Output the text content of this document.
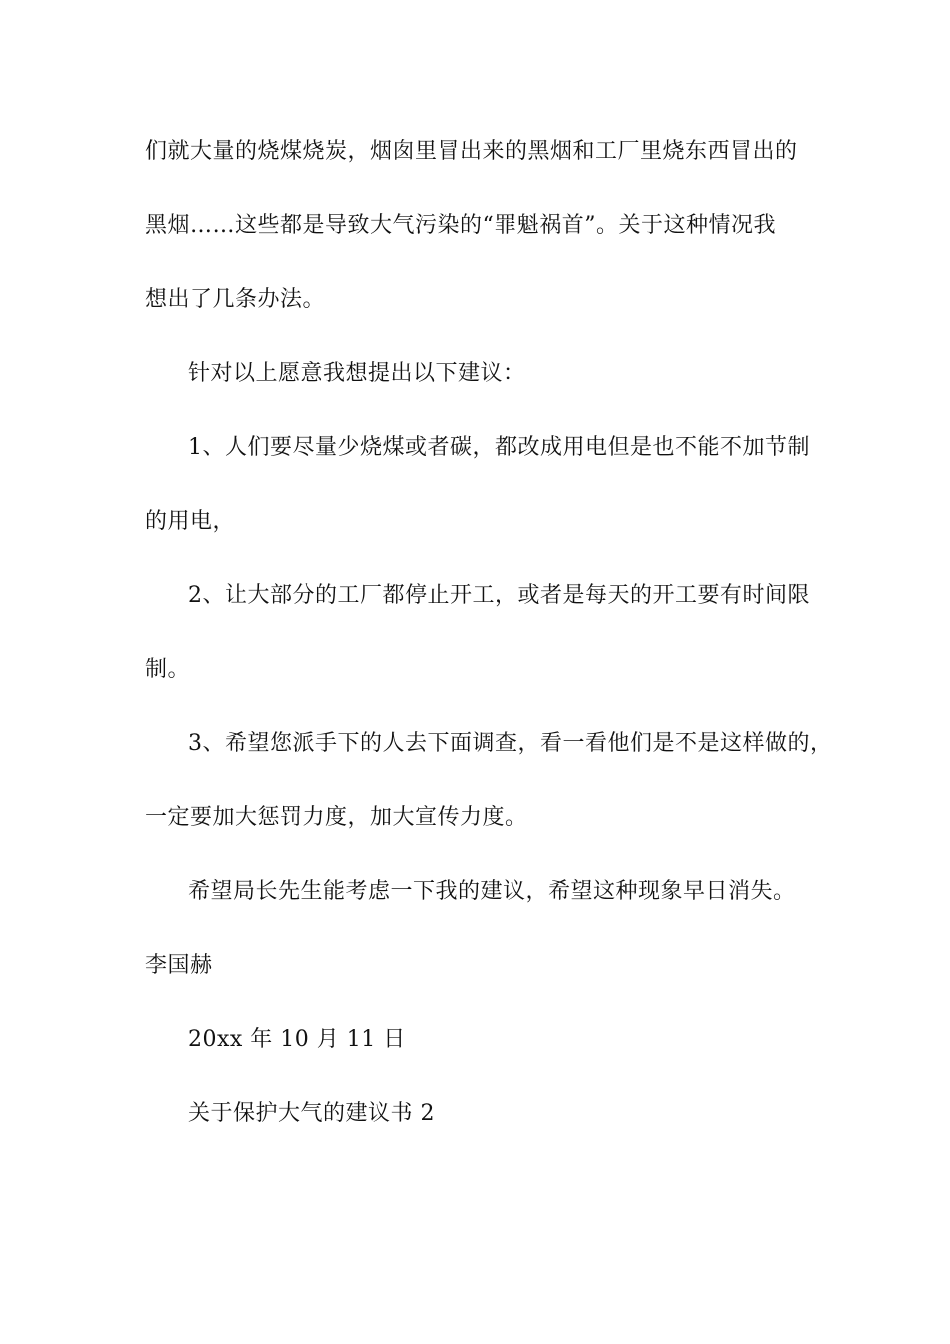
们就大量的烧煤烧炭，烟囱里冒出来的黑烟和工厂里烧东西冒出的
黑烟……这些都是导致大气污染的“罪魁祸首”。关于这种情况我
想出了几条办法。
针对以上愿意我想提出以下建议：
1、人们要尽量少烧煤或者碳，都改成用电但是也不能不加节制
的用电，
2、让大部分的工厂都停止开工，或者是每天的开工要有时间限
制。
3、希望您派手下的人去下面调查，看一看他们是不是这样做的，
一定要加大惩罚力度，加大宣传力度。
希望局长先生能考虑一下我的建议，希望这种现象早日消失。
李国赫
20xx 年 10 月 11 日
关于保护大气的建议书 2
